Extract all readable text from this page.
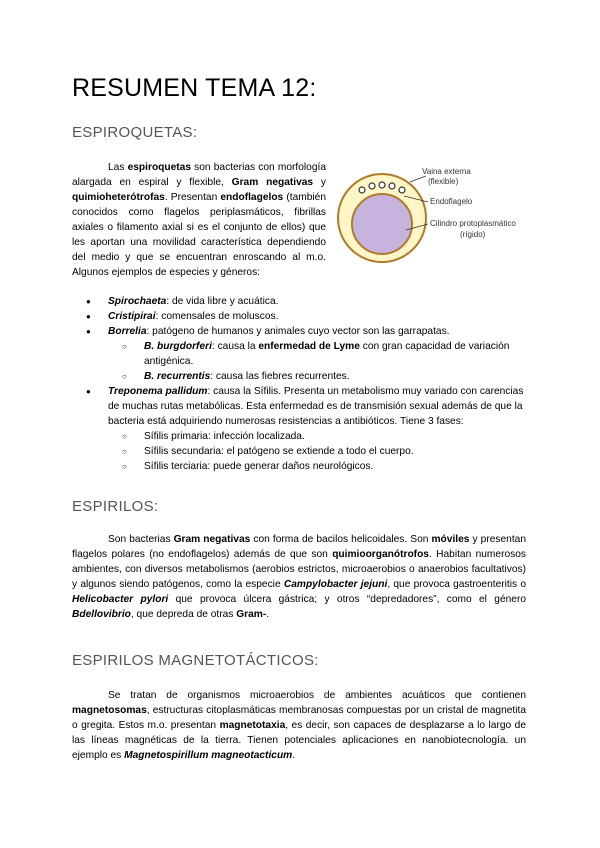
RESUMEN TEMA 12:
ESPIROQUETAS:
Las espiroquetas son bacterias con morfología alargada en espiral y flexible, Gram negativas y quimioheterótrofas. Presentan endoflagelos (también conocidos como flagelos periplasmáticos, fibrillas axiales o filamento axial si es el conjunto de ellos) que les aportan una movilidad característica dependiendo del medio y que se encuentran enroscando al m.o. Algunos ejemplos de especies y géneros:
Vaina externa
(flexible)
Endoflagelo
Cilindro protoplasmático
(rígido)
● Spirochaeta: de vida libre y acuática.
● Cristipirai: comensales de moluscos.
● Borrelia: patógeno de humanos y animales cuyo vector son las garrapatas.
○ B. burgdorferi: causa la enfermedad de Lyme con gran capacidad de variación antigénica.
○ B. recurrentis: causa las fiebres recurrentes.
● Treponema pallidum: causa la Sífilis. Presenta un metabolismo muy variado con carencias de muchas rutas metabólicas. Esta enfermedad es de transmisión sexual además de que la bacteria está adquiriendo numerosas resistencias a antibióticos. Tiene 3 fases:
○ Sífilis primaria: infección localizada.
○ Sífilis secundaria: el patógeno se extiende a todo el cuerpo.
○ Sífilis terciaria: puede generar daños neurológicos.
ESPIRILOS:
Son bacterias Gram negativas con forma de bacilos helicoidales. Son móviles y presentan flagelos polares (no endoflagelos) además de que son quimioorganótrofos. Habitan numerosos ambientes, con diversos metabolismos (aerobios estrictos, microaerobios o anaerobios facultativos) y algunos siendo patógenos, como la especie Campylobacter jejuni, que provoca gastroenteritis o Helicobacter pylori que provoca úlcera gástrica; y otros “depredadores”, como el género Bdellovibrio, que depreda de otras Gram-.
ESPIRILOS MAGNETOTÁCTICOS:
Se tratan de organismos microaerobios de ambientes acuáticos que contienen magnetosomas, estructuras citoplasmáticas membranosas compuestas por un cristal de magnetita o gregita. Estos m.o. presentan magnetotaxia, es decir, son capaces de desplazarse a lo largo de las líneas magnéticas de la tierra. Tienen potenciales aplicaciones en nanobiotecnología. un ejemplo es Magnetospirillum magneotacticum.
